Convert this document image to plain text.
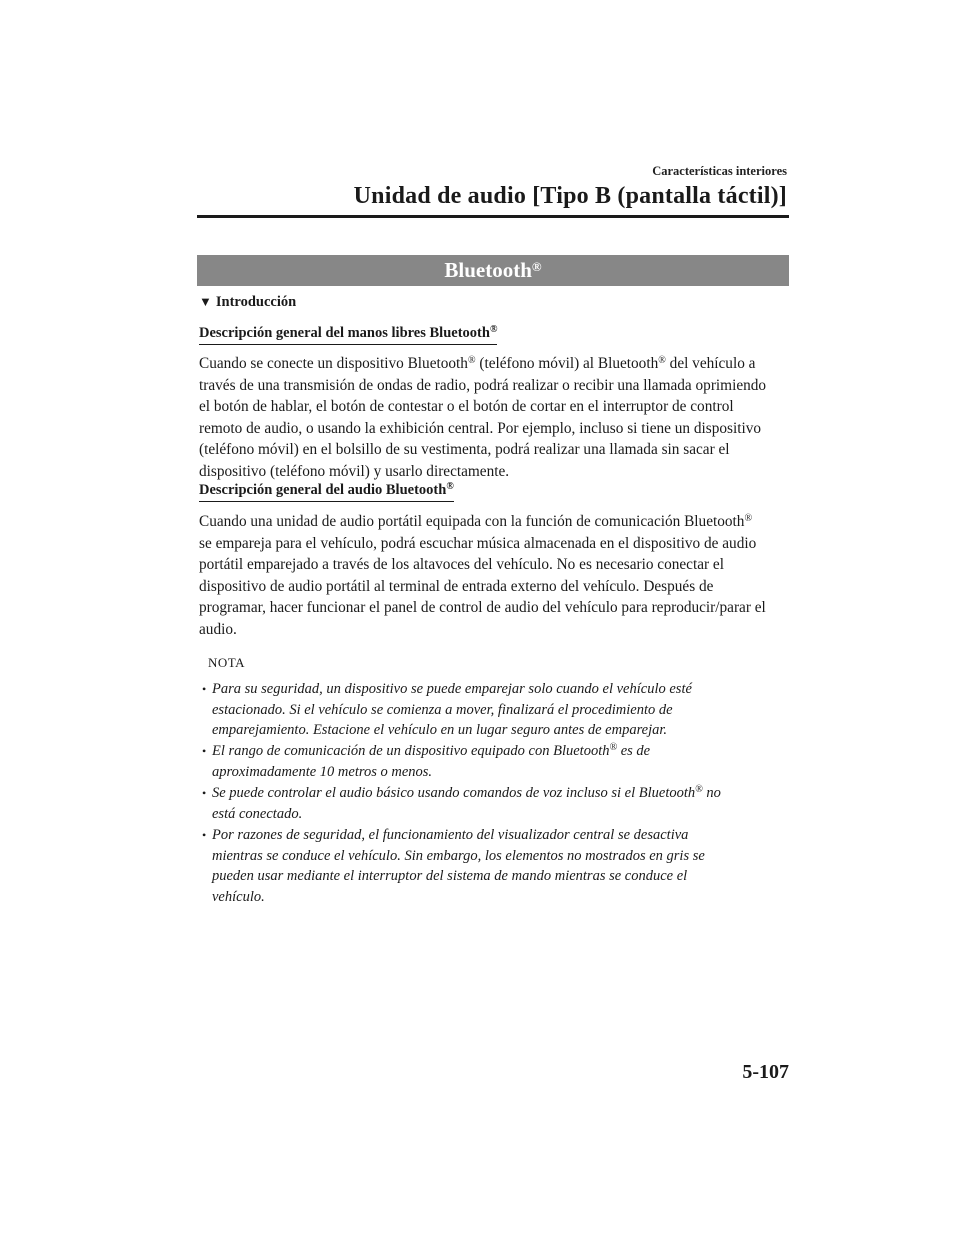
Características interiores
Unidad de audio [Tipo B (pantalla táctil)]
Bluetooth®
▼ Introducción
Descripción general del manos libres Bluetooth®
Cuando se conecte un dispositivo Bluetooth® (teléfono móvil) al Bluetooth® del vehículo a
través de una transmisión de ondas de radio, podrá realizar o recibir una llamada oprimiendo
el botón de hablar, el botón de contestar o el botón de cortar en el interruptor de control
remoto de audio, o usando la exhibición central. Por ejemplo, incluso si tiene un dispositivo
(teléfono móvil) en el bolsillo de su vestimenta, podrá realizar una llamada sin sacar el
dispositivo (teléfono móvil) y usarlo directamente.
Descripción general del audio Bluetooth®
Cuando una unidad de audio portátil equipada con la función de comunicación Bluetooth®
se empareja para el vehículo, podrá escuchar música almacenada en el dispositivo de audio
portátil emparejado a través de los altavoces del vehículo. No es necesario conectar el
dispositivo de audio portátil al terminal de entrada externo del vehículo. Después de
programar, hacer funcionar el panel de control de audio del vehículo para reproducir/parar el
audio.
NOTA
• Para su seguridad, un dispositivo se puede emparejar solo cuando el vehículo esté
estacionado. Si el vehículo se comienza a mover, finalizará el procedimiento de
emparejamiento. Estacione el vehículo en un lugar seguro antes de emparejar.
• El rango de comunicación de un dispositivo equipado con Bluetooth® es de
aproximadamente 10 metros o menos.
• Se puede controlar el audio básico usando comandos de voz incluso si el Bluetooth® no
está conectado.
• Por razones de seguridad, el funcionamiento del visualizador central se desactiva
mientras se conduce el vehículo. Sin embargo, los elementos no mostrados en gris se
pueden usar mediante el interruptor del sistema de mando mientras se conduce el
vehículo.
5-107
